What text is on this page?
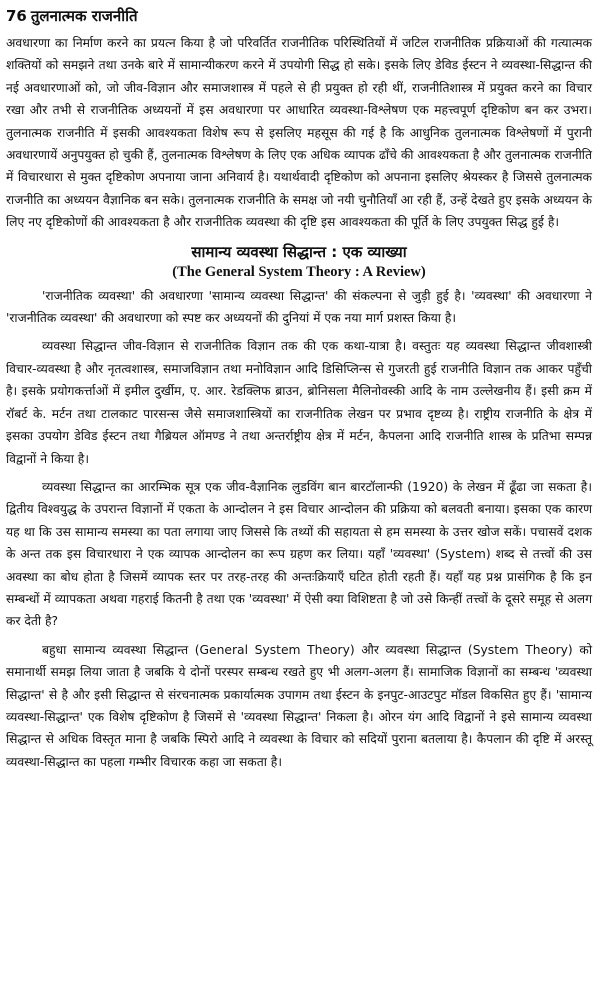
76 तुलनात्मक राजनीति

अवधारणा का निर्माण करने का प्रयत्न किया है जो परिवर्तित राजनीतिक परिस्थितियों में जटिल राजनीतिक प्रक्रियाओं की गत्यात्मक शक्तियों को समझने तथा उनके बारे में सामान्यीकरण करने में उपयोगी सिद्ध हो सके। इसके लिए डेविड ईस्टन ने व्यवस्था-सिद्धान्त की नई अवधारणाओं को, जो जीव-विज्ञान और समाजशास्त्र में पहले से ही प्रयुक्त हो रही थीं, राजनीतिशास्त्र में प्रयुक्त करने का विचार रखा और तभी से राजनीतिक अध्ययनों में इस अवधारणा पर आधारित व्यवस्था-विश्लेषण एक महत्त्वपूर्ण दृष्टिकोण बन कर उभरा। तुलनात्मक राजनीति में इसकी आवश्यकता विशेष रूप से इसलिए महसूस की गई है कि आधुनिक तुलनात्मक विश्लेषणों में पुरानी अवधारणायें अनुपयुक्त हो चुकी हैं, तुलनात्मक विश्लेषण के लिए एक अधिक व्यापक ढाँचे की आवश्यकता है और तुलनात्मक राजनीति में विचारधारा से मुक्त दृष्टिकोण अपनाया जाना अनिवार्य है। यथार्थवादी दृष्टिकोण को अपनाना इसलिए श्रेयस्कर है जिससे तुलनात्मक राजनीति का अध्ययन वैज्ञानिक बन सके। तुलनात्मक राजनीति के समक्ष जो नयी चुनौतियाँ आ रही हैं, उन्हें देखते हुए इसके अध्ययन के लिए नए दृष्टिकोणों की आवश्यकता है और राजनीतिक व्यवस्था की दृष्टि इस आवश्यकता की पूर्ति के लिए उपयुक्त सिद्ध हुई है।

सामान्य व्यवस्था सिद्धान्त : एक व्याख्या
(The General System Theory : A Review)

'राजनीतिक व्यवस्था' की अवधारणा 'सामान्य व्यवस्था सिद्धान्त' की संकल्पना से जुड़ी हुई है। 'व्यवस्था' की अवधारणा ने 'राजनीतिक व्यवस्था' की अवधारणा को स्पष्ट कर अध्ययनों की दुनियां में एक नया मार्ग प्रशस्त किया है।

व्यवस्था सिद्धान्त जीव-विज्ञान से राजनीतिक विज्ञान तक की एक कथा-यात्रा है। वस्तुतः यह व्यवस्था सिद्धान्त जीवशास्त्री विचार-व्यवस्था है और नृतत्वशास्त्र, समाजविज्ञान तथा मनोविज्ञान आदि डिसिप्लिन्स से गुजरती हुई राजनीति विज्ञान तक आकर पहुँची है। इसके प्रयोगकर्त्ताओं में इमील दुर्खीम, ए. आर. रेडक्लिफ ब्राउन, ब्रोनिसला मैलिनोवस्की आदि के नाम उल्लेखनीय हैं। इसी क्रम में रॉबर्ट के. मर्टन तथा टालकाट पारसन्स जैसे समाजशास्त्रियों का राजनीतिक लेखन पर प्रभाव दृष्टव्य है। राष्ट्रीय राजनीति के क्षेत्र में इसका उपयोग डेविड ईस्टन तथा गैब्रियल ऑमण्ड ने तथा अन्तर्राष्ट्रीय क्षेत्र में मर्टन, कैपलना आदि राजनीति शास्त्र के प्रतिभा सम्पन्न विद्वानों ने किया है।

व्यवस्था सिद्धान्त का आरम्भिक सूत्र एक जीव-वैज्ञानिक लुडविंग बान बारटॉलान्फी (1920) के लेखन में ढूँढा जा सकता है। द्वितीय विश्वयुद्ध के उपरान्त विज्ञानों में एकता के आन्दोलन ने इस विचार आन्दोलन की प्रक्रिया को बलवती बनाया। इसका एक कारण यह था कि उस सामान्य समस्या का पता लगाया जाए जिससे कि तथ्यों की सहायता से हम समस्या के उत्तर खोज सकें। पचासवें दशक के अन्त तक इस विचारधारा ने एक व्यापक आन्दोलन का रूप ग्रहण कर लिया। यहाँ 'व्यवस्था' (System) शब्द से तत्त्वों की उस अवस्था का बोध होता है जिसमें व्यापक स्तर पर तरह-तरह की अन्तःक्रियाएँ घटित होती रहती हैं। यहाँ यह प्रश्न प्रासंगिक है कि इन सम्बन्धों में व्यापकता अथवा गहराई कितनी है तथा एक 'व्यवस्था' में ऐसी क्या विशिष्टता है जो उसे किन्हीं तत्त्वों के दूसरे समूह से अलग कर देती है?

बहुधा सामान्य व्यवस्था सिद्धान्त (General System Theory) और व्यवस्था सिद्धान्त (System Theory) को समानार्थी समझ लिया जाता है जबकि ये दोनों परस्पर सम्बन्ध रखते हुए भी अलग-अलग हैं। सामाजिक विज्ञानों का सम्बन्ध 'व्यवस्था सिद्धान्त' से है और इसी सिद्धान्त से संरचनात्मक प्रकार्यात्मक उपागम तथा ईस्टन के इनपुट-आउटपुट मॉडल विकसित हुए हैं। 'सामान्य व्यवस्था-सिद्धान्त' एक विशेष दृष्टिकोण है जिसमें से 'व्यवस्था सिद्धान्त' निकला है। ओरन यंग आदि विद्वानों ने इसे सामान्य व्यवस्था सिद्धान्त से अधिक विस्तृत माना है जबकि स्पिरो आदि ने व्यवस्था के विचार को सदियों पुराना बतलाया है। कैपलान की दृष्टि में अरस्तू व्यवस्था-सिद्धान्त का पहला गम्भीर विचारक कहा जा सकता है।
